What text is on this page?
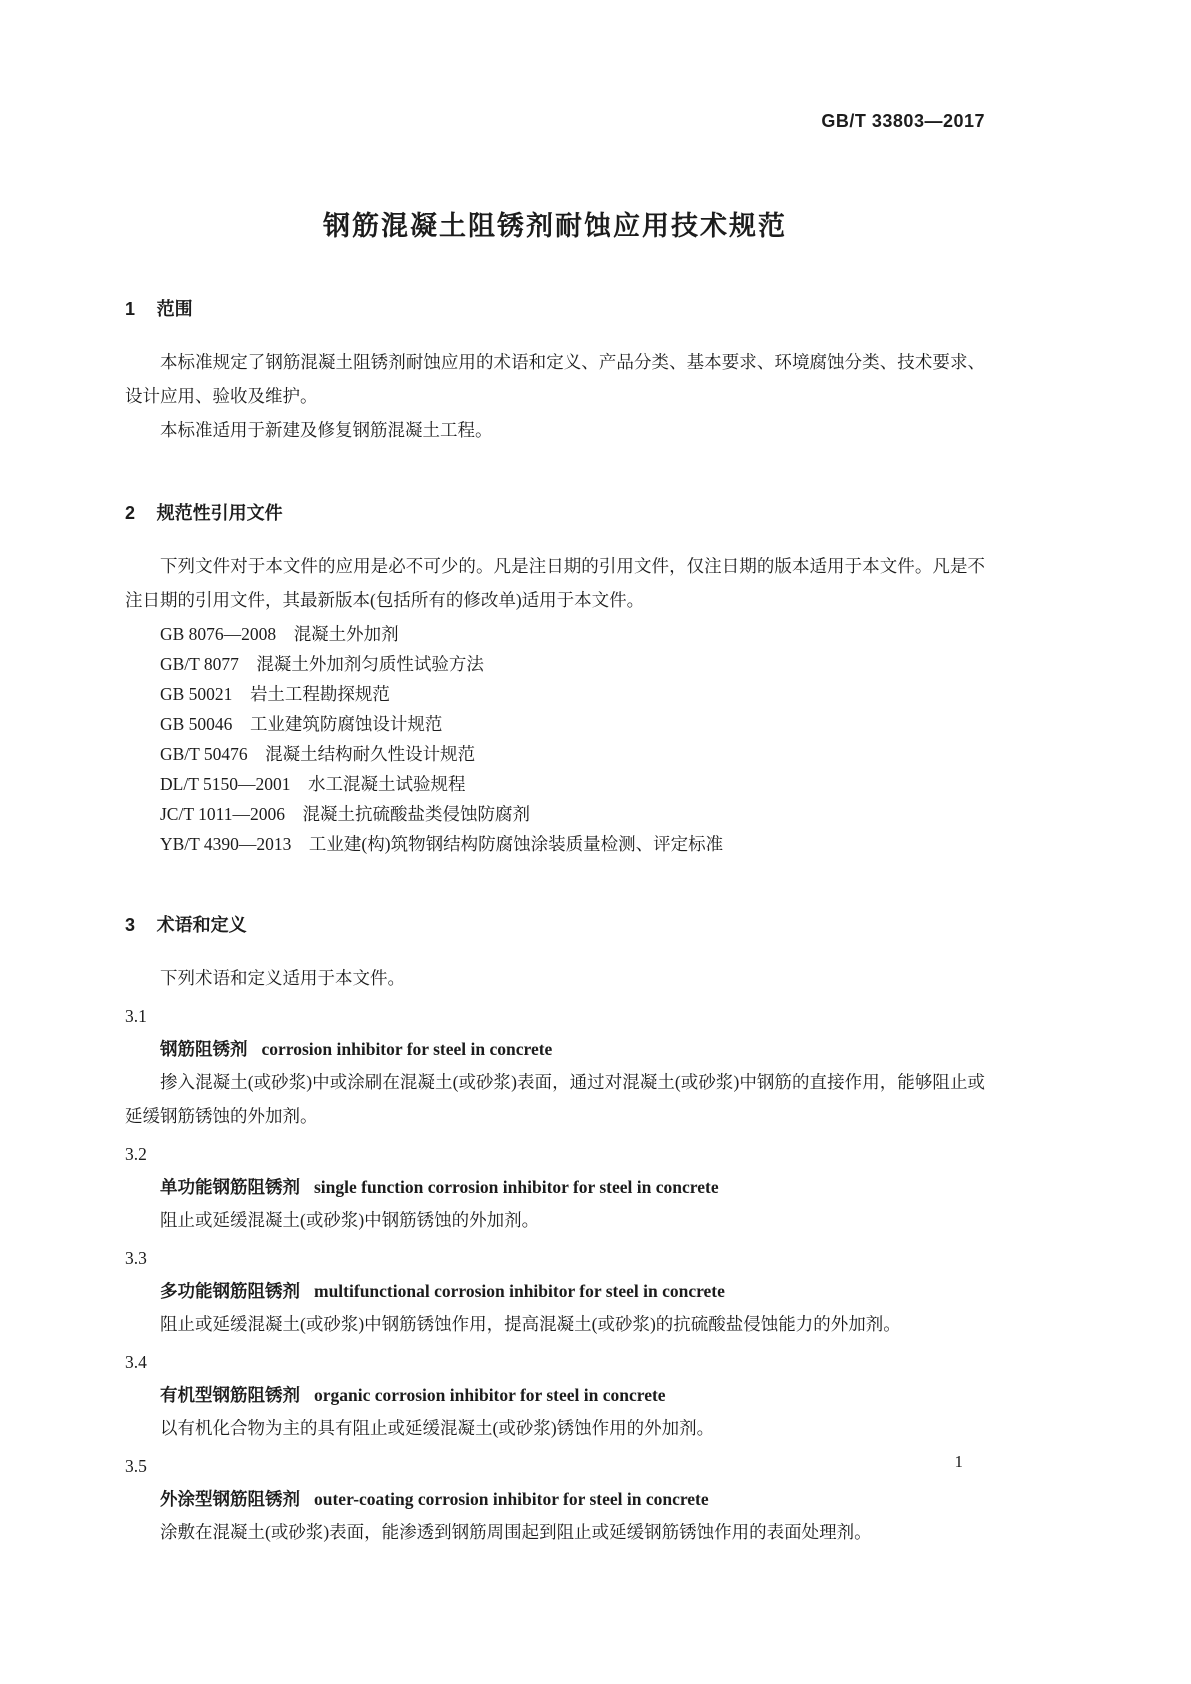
GB/T 33803—2017
钢筋混凝土阻锈剂耐蚀应用技术规范
1 范围

本标准规定了钢筋混凝土阻锈剂耐蚀应用的术语和定义、产品分类、基本要求、环境腐蚀分类、技术要求、设计应用、验收及维护。

本标准适用于新建及修复钢筋混凝土工程。

2 规范性引用文件

下列文件对于本文件的应用是必不可少的。凡是注日期的引用文件，仅注日期的版本适用于本文件。凡是不注日期的引用文件，其最新版本(包括所有的修改单)适用于本文件。

GB 8076—2008 混凝土外加剂
GB/T 8077 混凝土外加剂匀质性试验方法
GB 50021 岩土工程勘探规范
GB 50046 工业建筑防腐蚀设计规范
GB/T 50476 混凝土结构耐久性设计规范
DL/T 5150—2001 水工混凝土试验规程
JC/T 1011—2006 混凝土抗硫酸盐类侵蚀防腐剂
YB/T 4390—2013 工业建(构)筑物钢结构防腐蚀涂装质量检测、评定标准
3 术语和定义

下列术语和定义适用于本文件。

3.1
钢筋阻锈剂 corrosion inhibitor for steel in concrete

掺入混凝土(或砂浆)中或涂刷在混凝土(或砂浆)表面，通过对混凝土(或砂浆)中钢筋的直接作用，能够阻止或延缓钢筋锈蚀的外加剂。

3.2
单功能钢筋阻锈剂 single function corrosion inhibitor for steel in concrete

阻止或延缓混凝土(或砂浆)中钢筋锈蚀的外加剂。

3.3
多功能钢筋阻锈剂 multifunctional corrosion inhibitor for steel in concrete

阻止或延缓混凝土(或砂浆)中钢筋锈蚀作用，提高混凝土(或砂浆)的抗硫酸盐侵蚀能力的外加剂。

3.4
有机型钢筋阻锈剂 organic corrosion inhibitor for steel in concrete

以有机化合物为主的具有阻止或延缓混凝土(或砂浆)锈蚀作用的外加剂。

3.5
外涂型钢筋阻锈剂 outer-coating corrosion inhibitor for steel in concrete

涂敷在混凝土(或砂浆)表面，能渗透到钢筋周围起到阻止或延缓钢筋锈蚀作用的表面处理剂。

1
